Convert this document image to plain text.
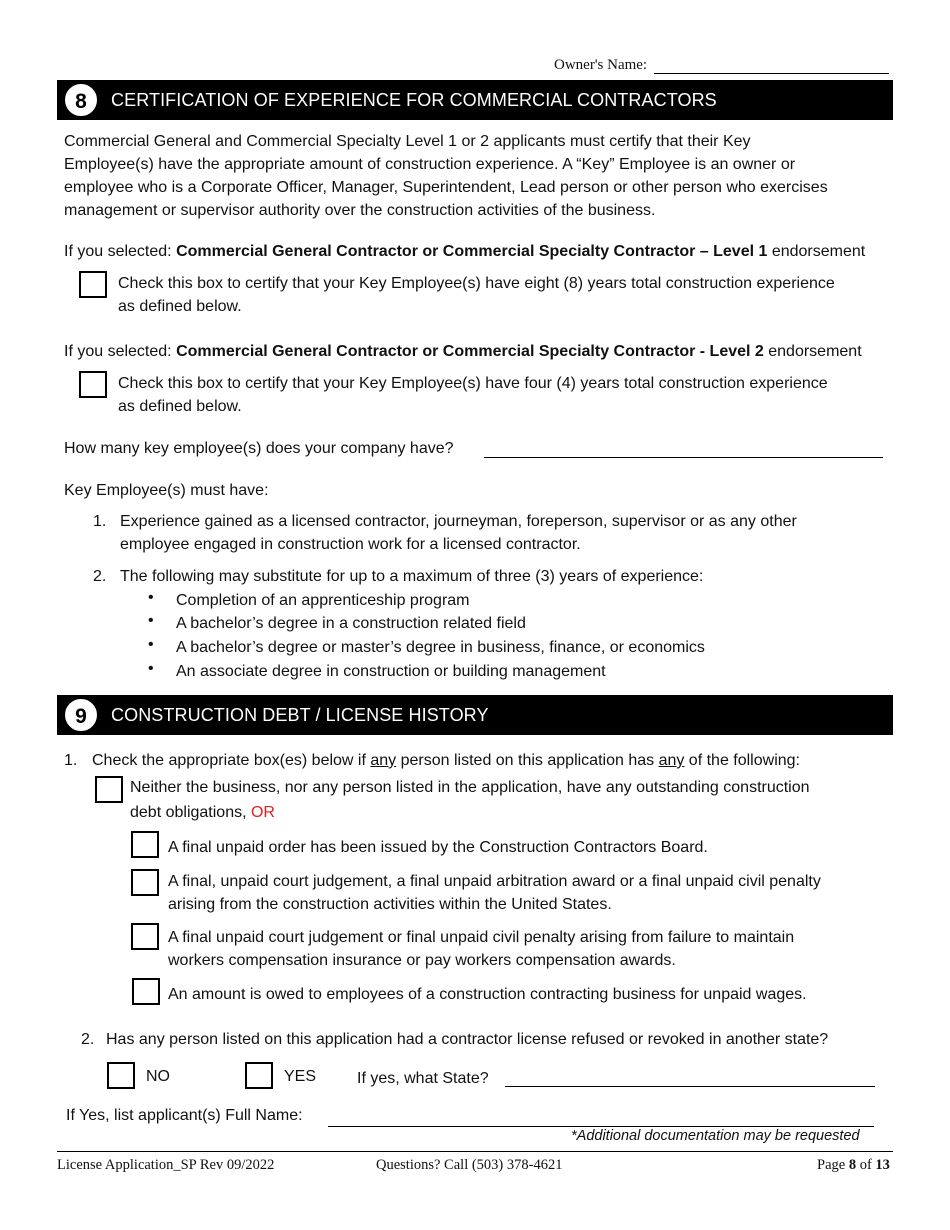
Owner's Name:
8	CERTIFICATION OF EXPERIENCE FOR COMMERCIAL CONTRACTORS
Commercial General and Commercial Specialty Level 1 or 2 applicants must certify that their Key
Employee(s) have the appropriate amount of construction experience. A “Key” Employee is an owner or
employee who is a Corporate Officer, Manager, Superintendent, Lead person or other person who exercises
management or supervisor authority over the construction activities of the business.
If you selected: Commercial General Contractor or Commercial Specialty Contractor – Level 1 endorsement
Check this box to certify that your Key Employee(s) have eight (8) years total construction experience
as defined below.
If you selected: Commercial General Contractor or Commercial Specialty Contractor - Level 2 endorsement
Check this box to certify that your Key Employee(s) have four (4) years total construction experience
as defined below.
How many key employee(s) does your company have?
Key Employee(s) must have:
1. Experience gained as a licensed contractor, journeyman, foreperson, supervisor or as any other
employee engaged in construction work for a licensed contractor.
2. The following may substitute for up to a maximum of three (3) years of experience:
• Completion of an apprenticeship program
• A bachelor’s degree in a construction related field
• A bachelor’s degree or master’s degree in business, finance, or economics
• An associate degree in construction or building management
9	CONSTRUCTION DEBT / LICENSE HISTORY
1. Check the appropriate box(es) below if any person listed on this application has any of the following:
Neither the business, nor any person listed in the application, have any outstanding construction
debt obligations, OR
A final unpaid order has been issued by the Construction Contractors Board.
A final, unpaid court judgement, a final unpaid arbitration award or a final unpaid civil penalty
arising from the construction activities within the United States.
A final unpaid court judgement or final unpaid civil penalty arising from failure to maintain
workers compensation insurance or pay workers compensation awards.
An amount is owed to employees of a construction contracting business for unpaid wages.
2. Has any person listed on this application had a contractor license refused or revoked in another state?
NO	YES	If yes, what State?
If Yes, list applicant(s) Full Name:
*Additional documentation may be requested
License Application_SP Rev 09/2022	Questions? Call (503) 378-4621	Page 8 of 13
